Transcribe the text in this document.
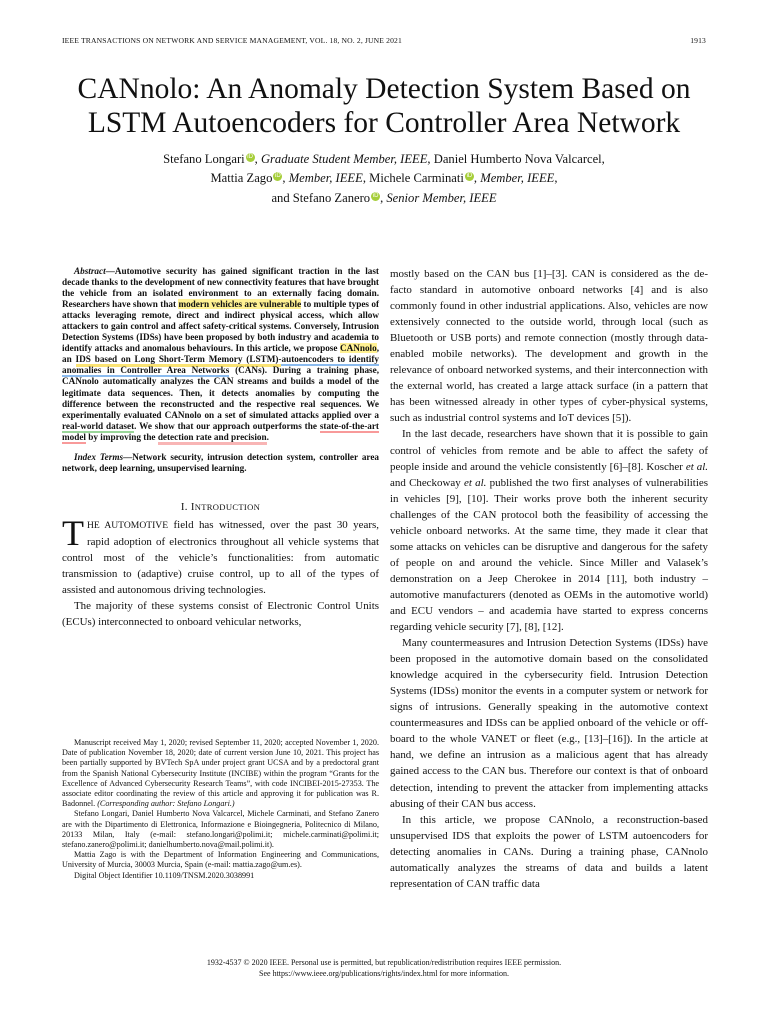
IEEE TRANSACTIONS ON NETWORK AND SERVICE MANAGEMENT, VOL. 18, NO. 2, JUNE 2021	1913
CANnolo: An Anomaly Detection System Based on
LSTM Autoencoders for Controller Area Network
Stefano Longari iD , Graduate Student Member, IEEE, Daniel Humberto Nova Valcarcel,
Mattia Zago iD , Member, IEEE, Michele Carminati iD , Member, IEEE,
and Stefano Zanero iD , Senior Member, IEEE

Abstract—Automotive security has gained significant traction in the last decade thanks to the development of new connectivity features that have brought the vehicle from an isolated environment to an externally facing domain. Researchers have shown that modern vehicles are vulnerable to multiple types of attacks leveraging remote, direct and indirect physical access, which allow attackers to gain control and affect safety-critical systems. Conversely, Intrusion Detection Systems (IDSs) have been proposed by both industry and academia to identify attacks and anomalous behaviours. In this article, we propose CANnolo, an IDS based on Long Short-Term Memory (LSTM)-autoencoders to identify anomalies in Controller Area Networks (CANs). During a training phase, CANnolo automatically analyzes the CAN streams and builds a model of the legitimate data sequences. Then, it detects anomalies by computing the difference between the reconstructed and the respective real sequences. We experimentally evaluated CANnolo on a set of simulated attacks applied over a real-world dataset. We show that our approach outperforms the state-of-the-art model by improving the detection rate and precision.

Index Terms—Network security, intrusion detection system, controller area network, deep learning, unsupervised learning.

I. INTRODUCTION

THE AUTOMOTIVE field has witnessed, over the past 30 years, rapid adoption of electronics throughout all vehicle systems that control most of the vehicle’s functionalities: from automatic transmission to (adaptive) cruise control, up to all of the types of assisted and autonomous driving technologies.

The majority of these systems consist of Electronic Control Units (ECUs) interconnected to onboard vehicular networks,

Manuscript received May 1, 2020; revised September 11, 2020; accepted November 1, 2020. Date of publication November 18, 2020; date of current version June 10, 2021. This project has been partially supported by BVTech SpA under project grant UCSA and by a predoctoral grant from the Spanish National Cybersecurity Institute (INCIBE) within the program “Grants for the Excellence of Advanced Cybersecurity Research Teams”, with code INCIBEI-2015-27353. The associate editor coordinating the review of this article and approving it for publication was R. Badonnel. (Corresponding author: Stefano Longari.)

Stefano Longari, Daniel Humberto Nova Valcarcel, Michele Carminati, and Stefano Zanero are with the Dipartimento di Elettronica, Informazione e Bioingegneria, Politecnico di Milano, 20133 Milan, Italy (e-mail: stefano.longari@polimi.it; michele.carminati@polimi.it; stefano.zanero@polimi.it; danielhumberto.nova@mail.polimi.it).

Mattia Zago is with the Department of Information Engineering and Communications, University of Murcia, 30003 Murcia, Spain (e-mail: mattia.zago@um.es).

Digital Object Identifier 10.1109/TNSM.2020.3038991

mostly based on the CAN bus [1]–[3]. CAN is considered as the de-facto standard in automotive onboard networks [4] and is also commonly found in other industrial applications. Also, vehicles are now extensively connected to the outside world, through local (such as Bluetooth or USB ports) and remote connection (mostly through data-enabled mobile networks). The development and growth in the relevance of onboard networked systems, and their interconnection with the external world, has created a large attack surface (in a pattern that has been witnessed already in other types of cyber-physical systems, such as industrial control systems and IoT devices [5]).

In the last decade, researchers have shown that it is possible to gain control of vehicles from remote and be able to affect the safety of people inside and around the vehicle consistently [6]–[8]. Koscher et al. and Checkoway et al. published the two first analyses of vulnerabilities in vehicles [9], [10]. Their works prove both the inherent security challenges of the CAN protocol both the feasibility of accessing the vehicle onboard networks. At the same time, they made it clear that some attacks on vehicles can be disruptive and dangerous for the safety of people on and around the vehicle. Since Miller and Valasek’s demonstration on a Jeep Cherokee in 2014 [11], both industry – automotive manufacturers (denoted as OEMs in the automotive world) and ECU vendors – and academia have started to express concerns regarding vehicle security [7], [8], [12].

Many countermeasures and Intrusion Detection Systems (IDSs) have been proposed in the automotive domain based on the consolidated knowledge acquired in the cybersecurity field. Intrusion Detection Systems (IDSs) monitor the events in a computer system or network for signs of intrusions. Generally speaking in the automotive context countermeasures and IDSs can be applied onboard of the vehicle or off-board to the whole VANET or fleet (e.g., [13]–[16]). In the article at hand, we define an intrusion as a malicious agent that has already gained access to the CAN bus. Therefore our context is that of onboard detection, intending to prevent the attacker from implementing attacks abusing of their CAN bus access.

In this article, we propose CANnolo, a reconstruction-based unsupervised IDS that exploits the power of LSTM autoencoders for detecting anomalies in CANs. During a training phase, CANnolo automatically analyzes the streams of data and builds a latent representation of CAN traffic data

1932-4537 © 2020 IEEE. Personal use is permitted, but republication/redistribution requires IEEE permission.
See https://www.ieee.org/publications/rights/index.html for more information.
